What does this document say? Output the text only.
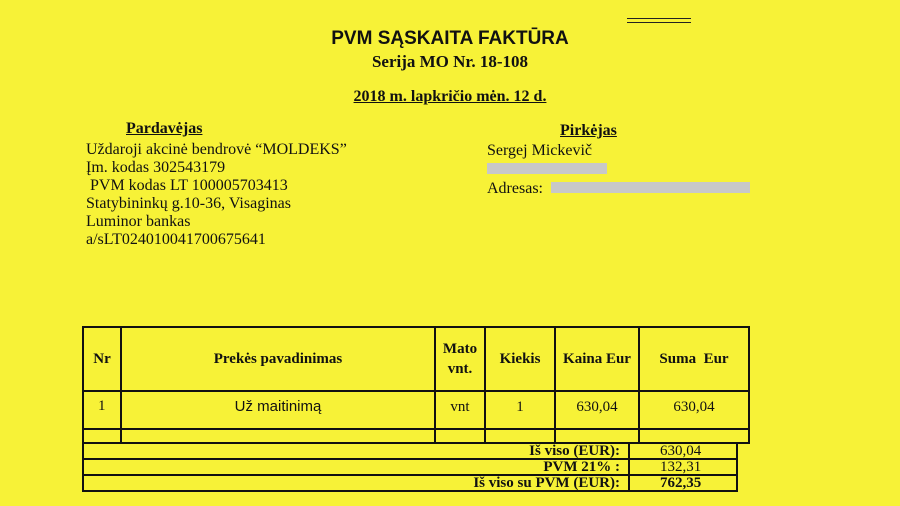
PVM SĄSKAITA FAKTŪRA
Serija MO Nr. 18-108
2018 m. lapkričio mėn. 12 d.
Pardavėjas
Uždaroji akcinė bendrovė “MOLDEKS”
Įm. kodas 302543179
PVM kodas LT 100005703413
Statybininkų g.10-36, Visaginas
Luminor bankas
a/sLT024010041700675641
Pirkėjas
Sergej Mickevič
Adresas:
Nr	Prekės pavadinimas	Mato vnt.	Kiekis	Kaina Eur	Suma  Eur
1	Už maitinimą	vnt	1	630,04	630,04

Iš viso (EUR):	630,04
PVM 21% :	132,31
Iš viso su PVM (EUR):	762,35
